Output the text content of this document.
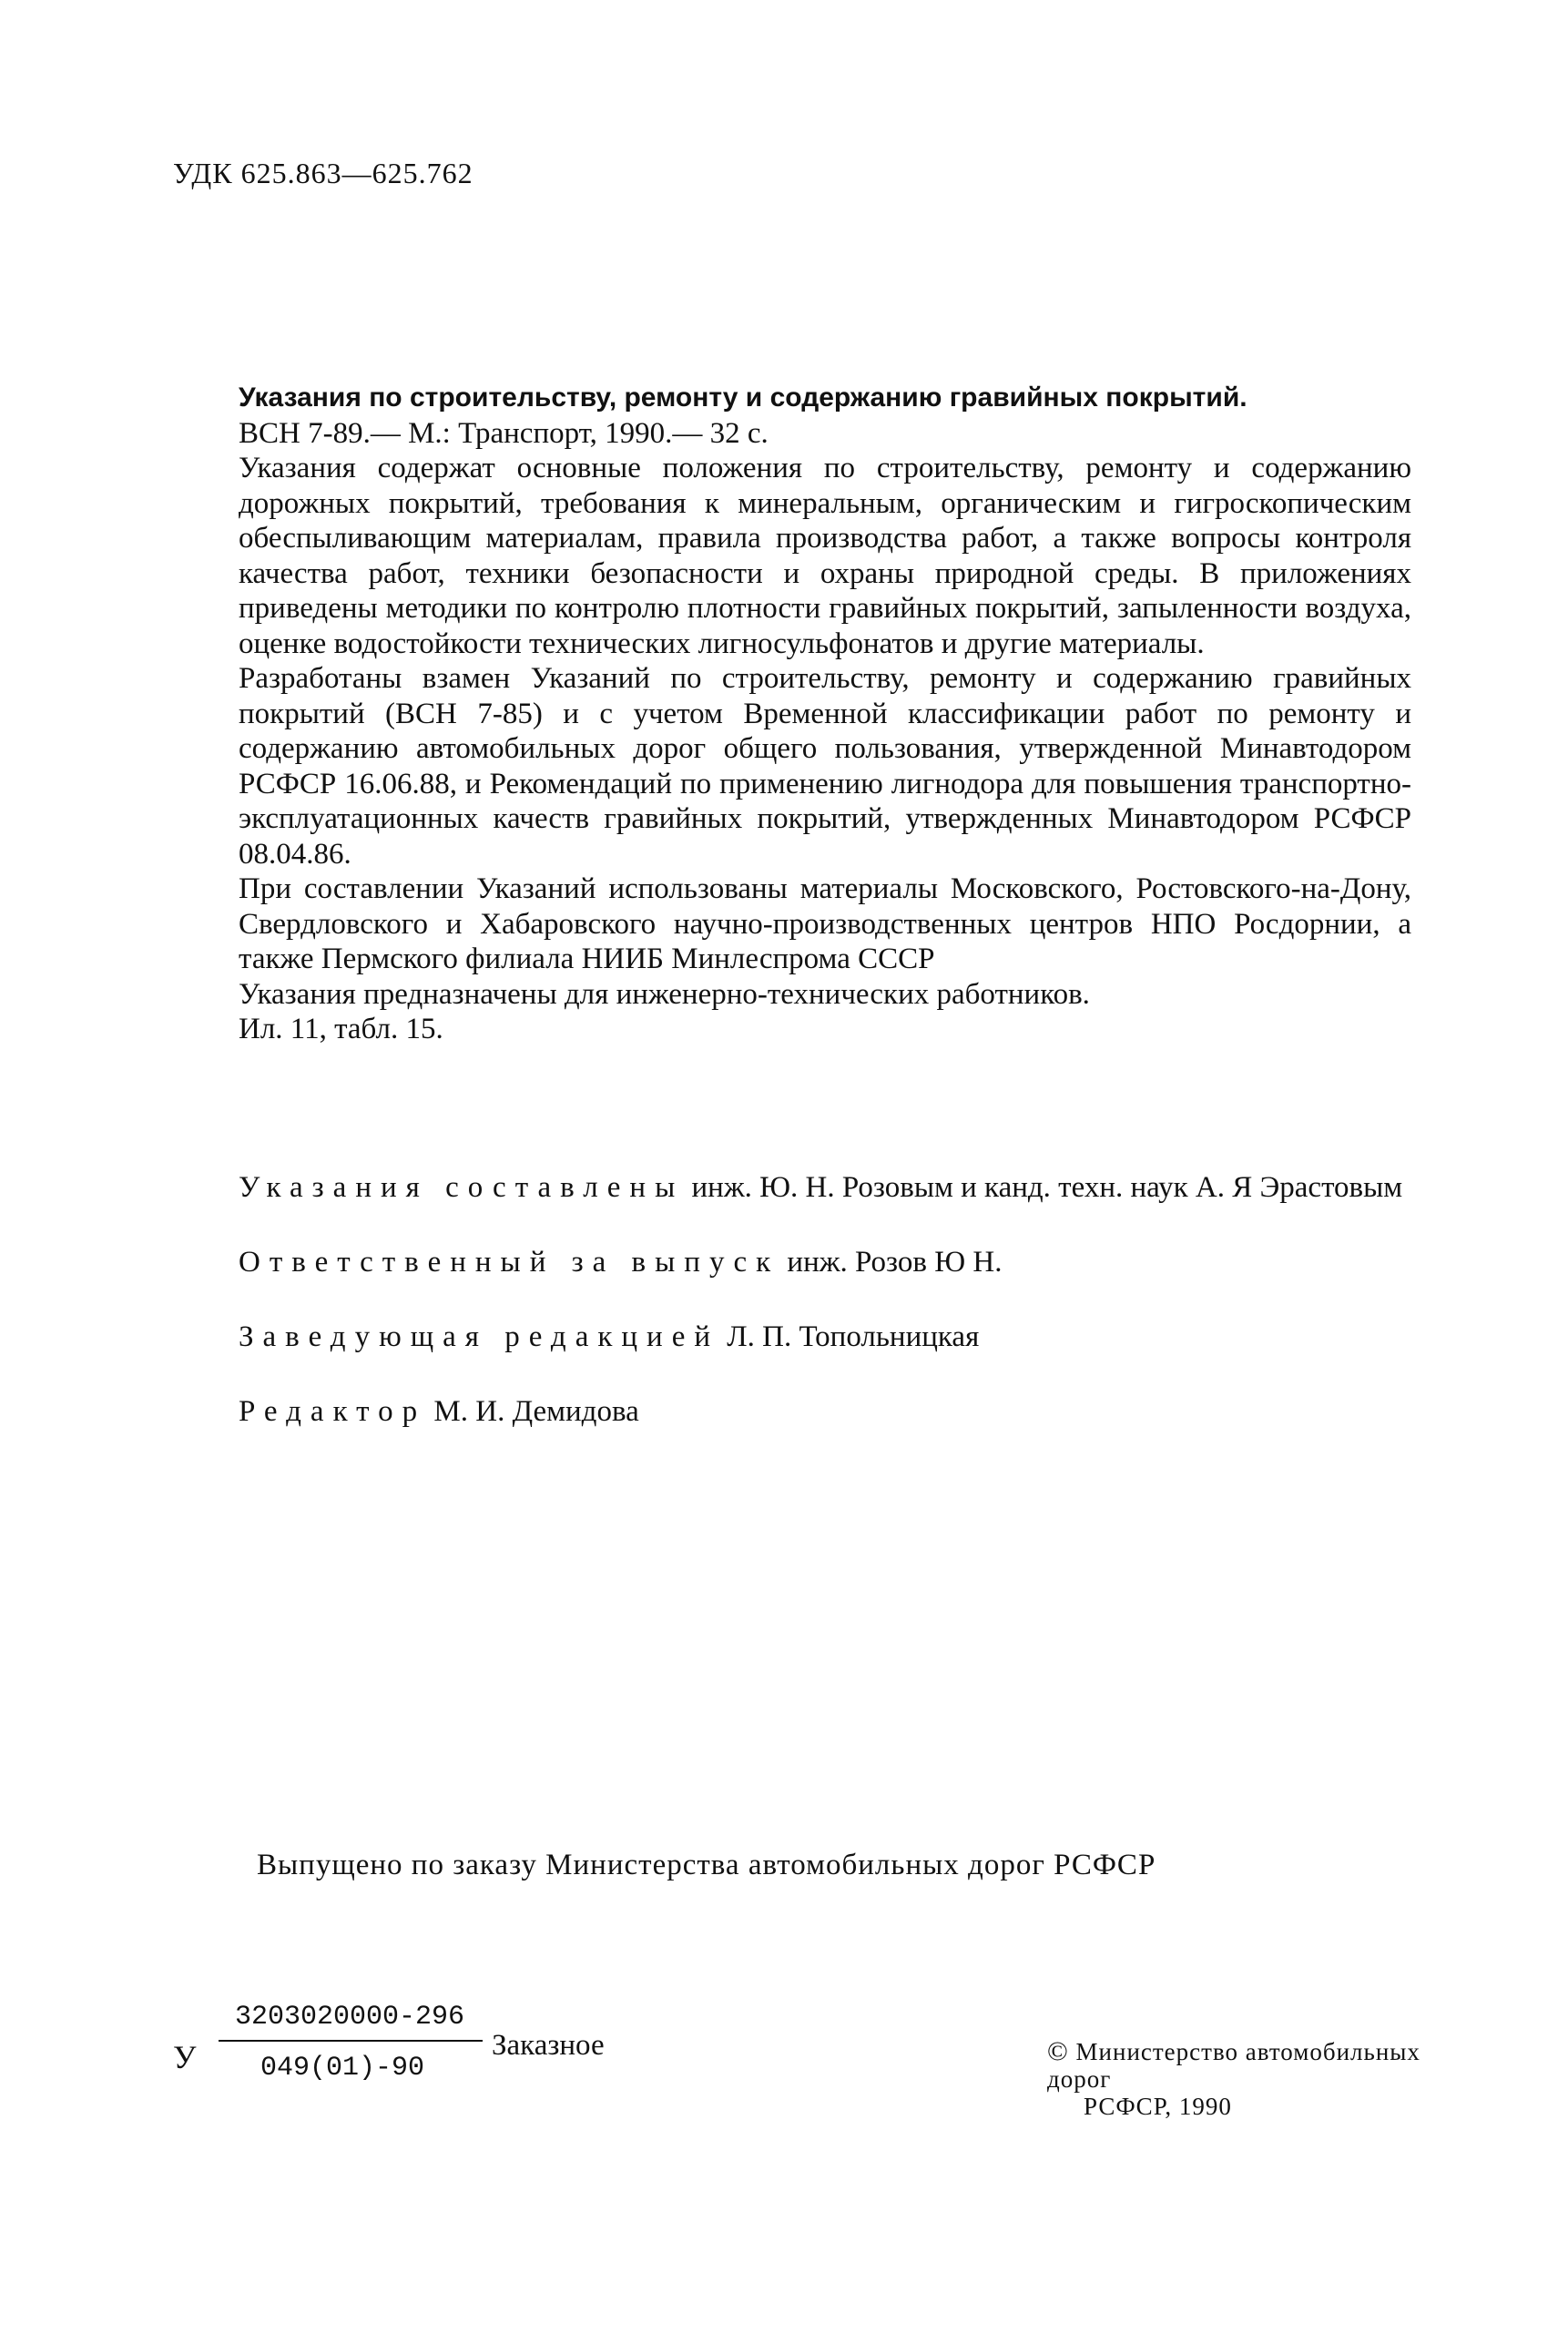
УДК 625.863—625.762

Указания по строительству, ремонту и содержанию гравийных покрытий.

ВСН 7-89.— М.: Транспорт, 1990.— 32 с.

Указания содержат основные положения по строительству, ремонту и содержанию дорожных покрытий, требования к минеральным, органическим и гигроскопическим обеспыливающим материалам, правила производства работ, а также вопросы контроля качества работ, техники безопасности и охраны природной среды. В приложениях приведены методики по контролю плотности гравийных покрытий, запыленности воздуха, оценке водостойкости технических лигносульфонатов и другие материалы.

Разработаны взамен Указаний по строительству, ремонту и содержанию гравийных покрытий (ВСН 7-85) и с учетом Временной классификации работ по ремонту и содержанию автомобильных дорог общего пользования, утвержденной Минавтодором РСФСР 16.06.88, и Рекомендаций по применению лигнодора для повышения транспортно-эксплуатационных качеств гравийных покрытий, утвержденных Минавтодором РСФСР 08.04.86.

При составлении Указаний использованы материалы Московского, Ростовского-на-Дону, Свердловского и Хабаровского научно-производственных центров НПО Росдорнии, а также Пермского филиала НИИБ Минлеспрома СССР

Указания предназначены для инженерно-технических работников.

Ил. 11, табл. 15.

Указания составлены инж. Ю. Н. Розовым и канд. техн. наук А. Я Эрастовым
Ответственный за выпуск инж. Розов Ю Н.
Заведующая редакцией Л. П. Топольницкая
Редактор М. И. Демидова
Выпущено по заказу Министерства автомобильных дорог РСФСР
У
3203020000-296
049(01)-90
Заказное	© Министерство автомобильных дорог
РСФСР, 1990
